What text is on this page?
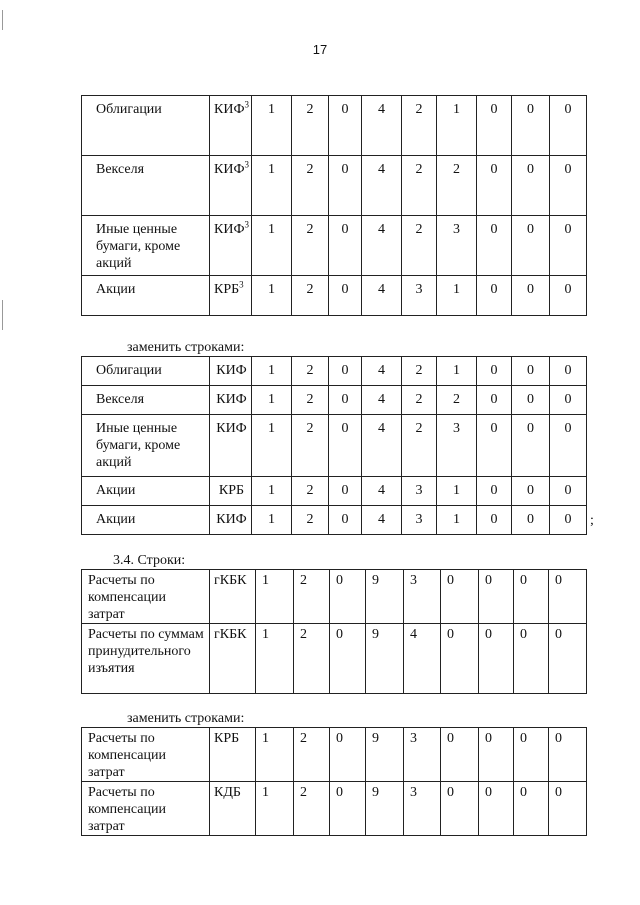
17
Облигации	КИФ$^3$	1	2	0	4	2	1	0	0	0
Векселя	КИФ$^3$	1	2	0	4	2	2	0	0	0
Иные ценные бумаги, кроме акций	КИФ$^3$	1	2	0	4	2	3	0	0	0
Акции	КРБ$^3$	1	2	0	4	3	1	0	0	0
заменить строками:
Облигации	КИФ	1	2	0	4	2	1	0	0	0
Векселя	КИФ	1	2	0	4	2	2	0	0	0
Иные ценные бумаги, кроме акций	КИФ	1	2	0	4	2	3	0	0	0
Акции	КРБ	1	2	0	4	3	1	0	0	0
Акции	КИФ	1	2	0	4	3	1	0	0	0 ;
3.4. Строки:
Расчеты по компенсации затрат	гКБК	1	2	0	9	3	0	0	0	0
Расчеты по суммам принудительного изъятия	гКБК	1	2	0	9	4	0	0	0	0
заменить строками:
Расчеты по компенсации затрат	КРБ	1	2	0	9	3	0	0	0	0
Расчеты по компенсации затрат	КДБ	1	2	0	9	3	0	0	0	0
